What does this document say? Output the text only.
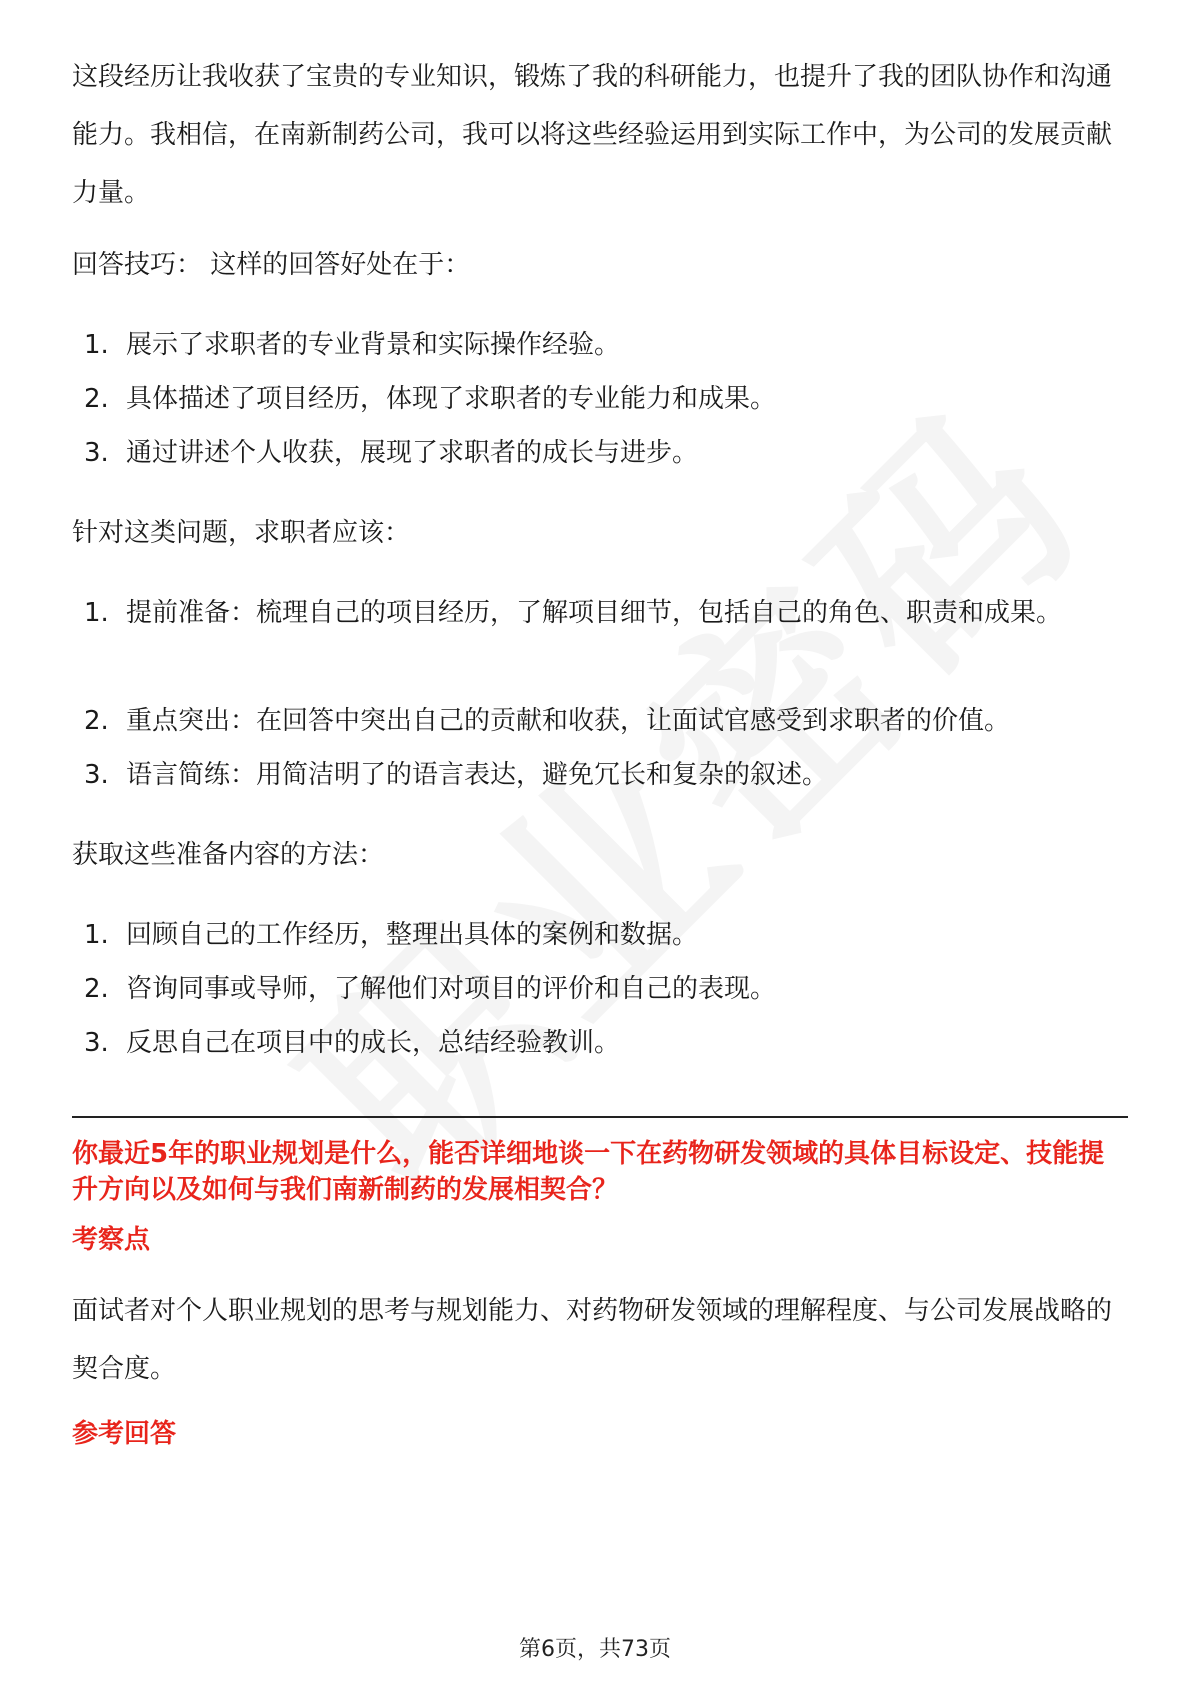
这段经历让我收获了宝贵的专业知识，锻炼了我的科研能力，也提升了我的团队协作和沟通能力。我相信，在南新制药公司，我可以将这些经验运用到实际工作中，为公司的发展贡献力量。

回答技巧： 这样的回答好处在于：

1. 展示了求职者的专业背景和实际操作经验。
2. 具体描述了项目经历，体现了求职者的专业能力和成果。
3. 通过讲述个人收获，展现了求职者的成长与进步。

针对这类问题，求职者应该：

1. 提前准备：梳理自己的项目经历，了解项目细节，包括自己的角色、职责和成果。
2. 重点突出：在回答中突出自己的贡献和收获，让面试官感受到求职者的价值。
3. 语言简练：用简洁明了的语言表达，避免冗长和复杂的叙述。

获取这些准备内容的方法：

1. 回顾自己的工作经历，整理出具体的案例和数据。
2. 咨询同事或导师，了解他们对项目的评价和自己的表现。
3. 反思自己在项目中的成长，总结经验教训。
你最近5年的职业规划是什么，能否详细地谈一下在药物研发领域的具体目标设定、技能提升方向以及如何与我们南新制药的发展相契合？
考察点

面试者对个人职业规划的思考与规划能力、对药物研发领域的理解程度、与公司发展战略的契合度。

参考回答
第6页，共73页
